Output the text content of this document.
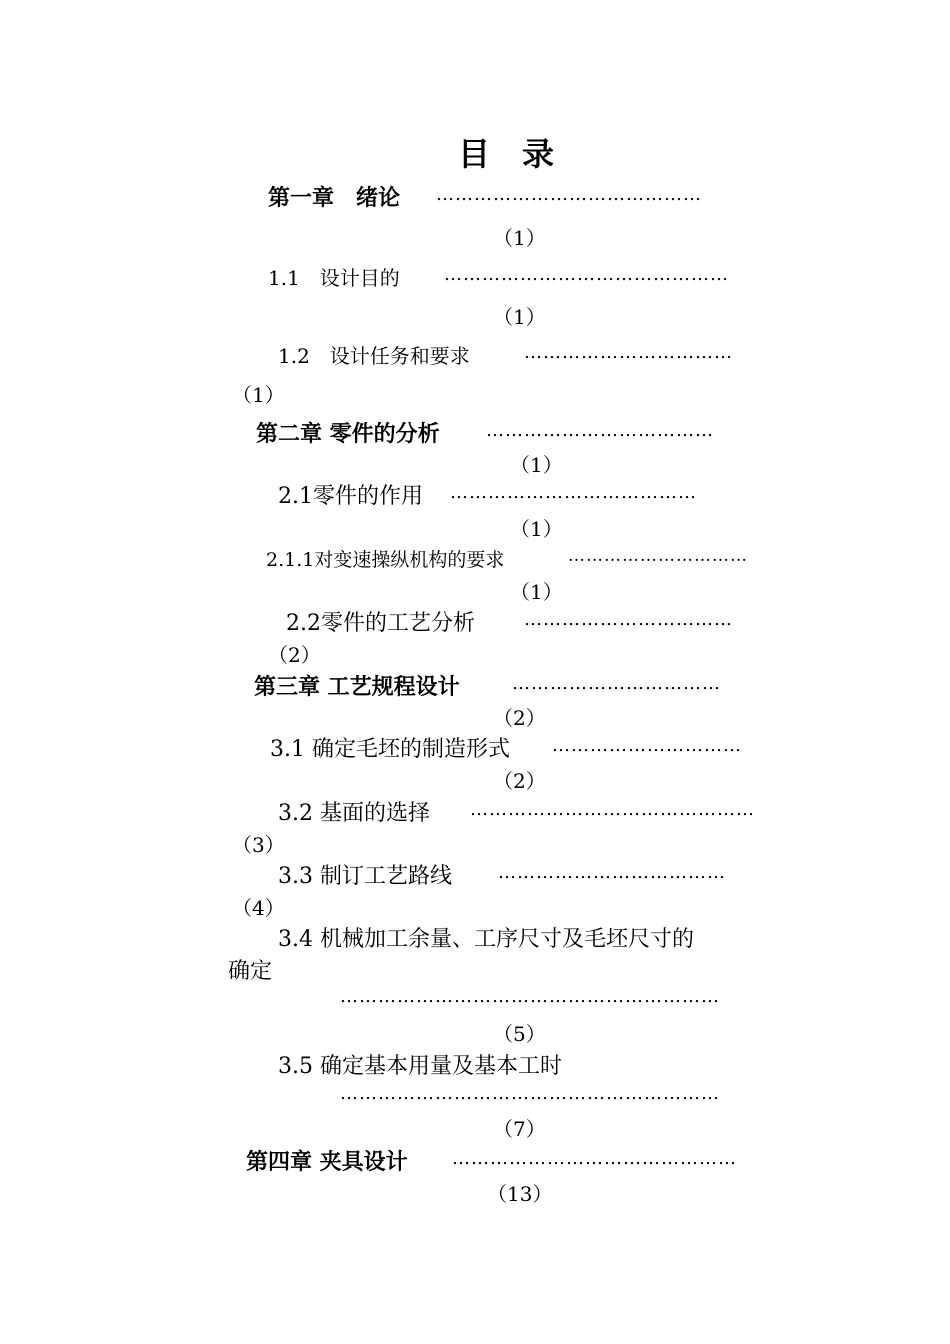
目　录
第一章　绪论 ……………………………………
（1）
1.1　设计目的 ………………………………………
（1）
1.2　设计任务和要求	……………………………
（1）
第二章 零件的分析	………………………………
（1）
2.1零件的作用 …………………………………
（1）
2.1.1对变速操纵机构的要求	…………………………
（1）
2.2零件的工艺分析	……………………………
（2）
第三章 工艺规程设计	……………………………
（2）
3.1 确定毛坯的制造形式 …………………………
（2）
3.2 基面的选择 ………………………………………
（3）
3.3 制订工艺路线	………………………………
（4）
3.4 机械加工余量、工序尺寸及毛坯尺寸的
确定
……………………………………………………
（5）
3.5 确定基本用量及基本工时
……………………………………………………
（7）
第四章 夹具设计 ………………………………………
（13）
